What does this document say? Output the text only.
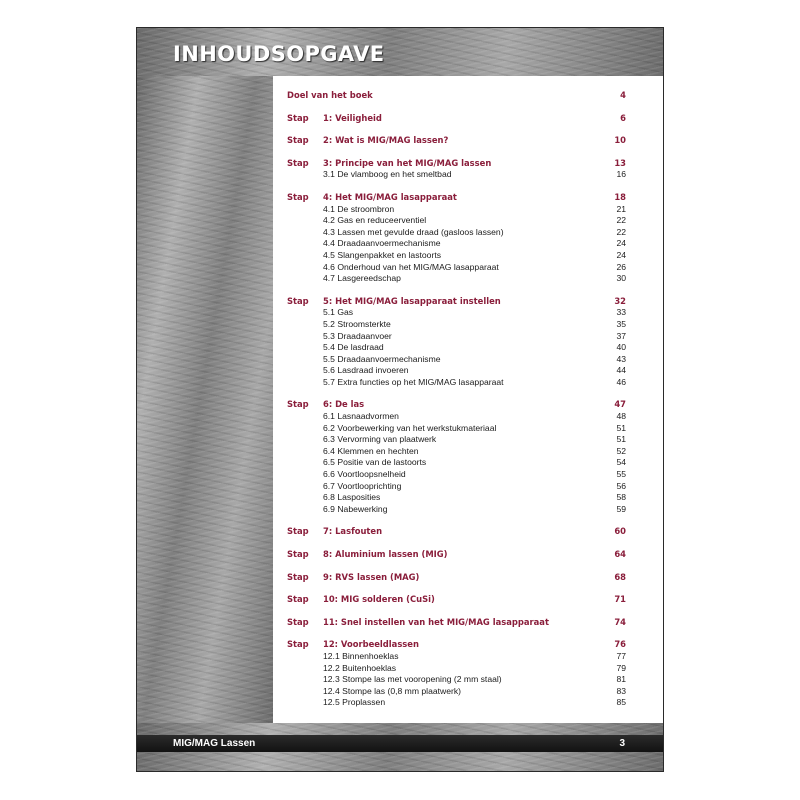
INHOUDSOPGAVE
Doel van het boek	4
Stap 1: Veiligheid	6
Stap 2: Wat is MIG/MAG lassen?	10
Stap 3: Principe van het MIG/MAG lassen	13
3.1 De vlamboog en het smeltbad	16
Stap 4: Het MIG/MAG lasapparaat	18
4.1 De stroombron	21
4.2 Gas en reduceerventiel	22
4.3 Lassen met gevulde draad (gasloos lassen)	22
4.4 Draadaanvoermechanisme	24
4.5 Slangenpakket en lastoorts	24
4.6 Onderhoud van het MIG/MAG lasapparaat	26
4.7 Lasgereedschap	30
Stap 5: Het MIG/MAG lasapparaat instellen	32
5.1 Gas	33
5.2 Stroomsterkte	35
5.3 Draadaanvoer	37
5.4 De lasdraad	40
5.5 Draadaanvoermechanisme	43
5.6 Lasdraad invoeren	44
5.7 Extra functies op het MIG/MAG lasapparaat	46
Stap 6: De las	47
6.1 Lasnaadvormen	48
6.2 Voorbewerking van het werkstukmateriaal	51
6.3 Vervorming van plaatwerk	51
6.4 Klemmen en hechten	52
6.5 Positie van de lastoorts	54
6.6 Voortloopsnelheid	55
6.7 Voortlooprichting	56
6.8 Lasposities	58
6.9 Nabewerking	59
Stap 7: Lasfouten	60
Stap 8: Aluminium lassen (MIG)	64
Stap 9: RVS lassen (MAG)	68
Stap 10: MIG solderen (CuSi)	71
Stap 11: Snel instellen van het MIG/MAG lasapparaat	74
Stap 12: Voorbeeldlassen	76
12.1 Binnenhoeklas	77
12.2 Buitenhoeklas	79
12.3 Stompe las met vooropening (2 mm staal)	81
12.4 Stompe las (0,8 mm plaatwerk)	83
12.5 Proplassen	85
MIG/MAG Lassen	3
